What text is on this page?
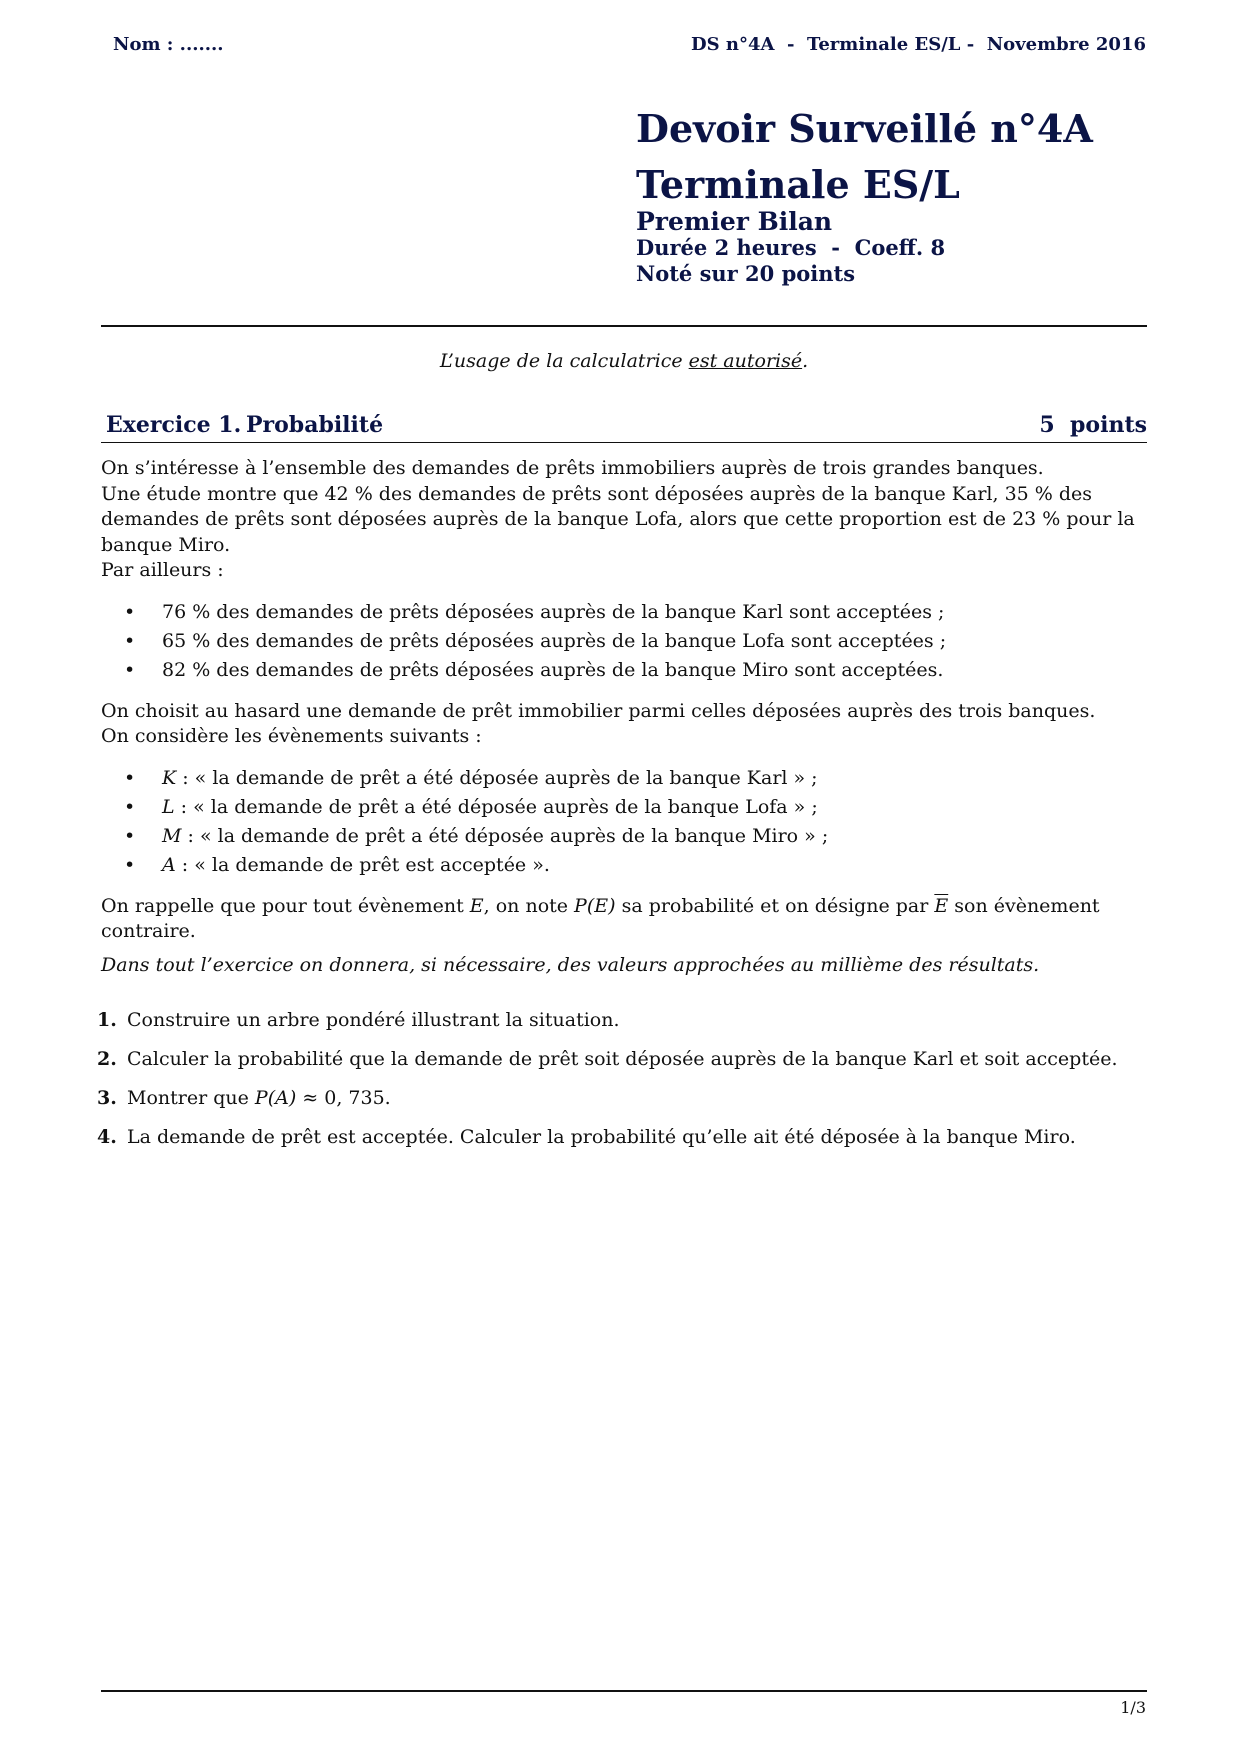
Nom : .......	DS n°4A  -  Terminale ES/L -  Novembre 2016
Devoir Surveillé n°4A
Terminale ES/L
Premier Bilan
Durée 2 heures  -  Coeff. 8
Noté sur 20 points
L’usage de la calculatrice est autorisé.
Exercice 1. Probabilité	5  points

On s’intéresse à l’ensemble des demandes de prêts immobiliers auprès de trois grandes banques.

Une étude montre que 42 % des demandes de prêts sont déposées auprès de la banque Karl, 35 % des demandes de prêts sont déposées auprès de la banque Lofa, alors que cette proportion est de 23 % pour la banque Miro.

Par ailleurs :

• 76 % des demandes de prêts déposées auprès de la banque Karl sont acceptées ;
• 65 % des demandes de prêts déposées auprès de la banque Lofa sont acceptées ;
• 82 % des demandes de prêts déposées auprès de la banque Miro sont acceptées.

On choisit au hasard une demande de prêt immobilier parmi celles déposées auprès des trois banques.

On considère les évènements suivants :

• K : « la demande de prêt a été déposée auprès de la banque Karl » ;
• L : « la demande de prêt a été déposée auprès de la banque Lofa » ;
• M : « la demande de prêt a été déposée auprès de la banque Miro » ;
• A : « la demande de prêt est acceptée ».

On rappelle que pour tout évènement E, on note P(E) sa probabilité et on désigne par $\overline{E}$ son évènement contraire.

Dans tout l’exercice on donnera, si nécessaire, des valeurs approchées au millième des résultats.

1. Construire un arbre pondéré illustrant la situation.
2. Calculer la probabilité que la demande de prêt soit déposée auprès de la banque Karl et soit acceptée.
3. Montrer que P(A) ≈ 0, 735.
4. La demande de prêt est acceptée. Calculer la probabilité qu’elle ait été déposée à la banque Miro.
1/3
